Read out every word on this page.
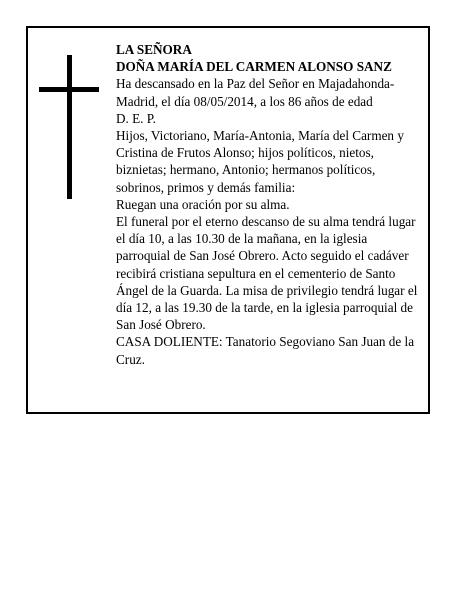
LA SEÑORA

DOÑA MARÍA DEL CARMEN ALONSO SANZ

Ha descansado en la Paz del Señor en Majadahonda-Madrid, el día 08/05/2014, a los 86 años de edad

D. E. P.

Hijos, Victoriano, María-Antonia, María del Carmen y Cristina de Frutos Alonso; hijos políticos, nietos, biznietas; hermano, Antonio; hermanos políticos, sobrinos, primos y demás familia:

Ruegan una oración por su alma.

El funeral por el eterno descanso de su alma tendrá lugar el día 10, a las 10.30 de la mañana, en la iglesia parroquial de San José Obrero. Acto seguido el cadáver recibirá cristiana sepultura en el cementerio de Santo Ángel de la Guarda. La misa de privilegio tendrá lugar el día 12, a las 19.30 de la tarde, en la iglesia parroquial de San José Obrero.

CASA DOLIENTE: Tanatorio Segoviano San Juan de la Cruz.
